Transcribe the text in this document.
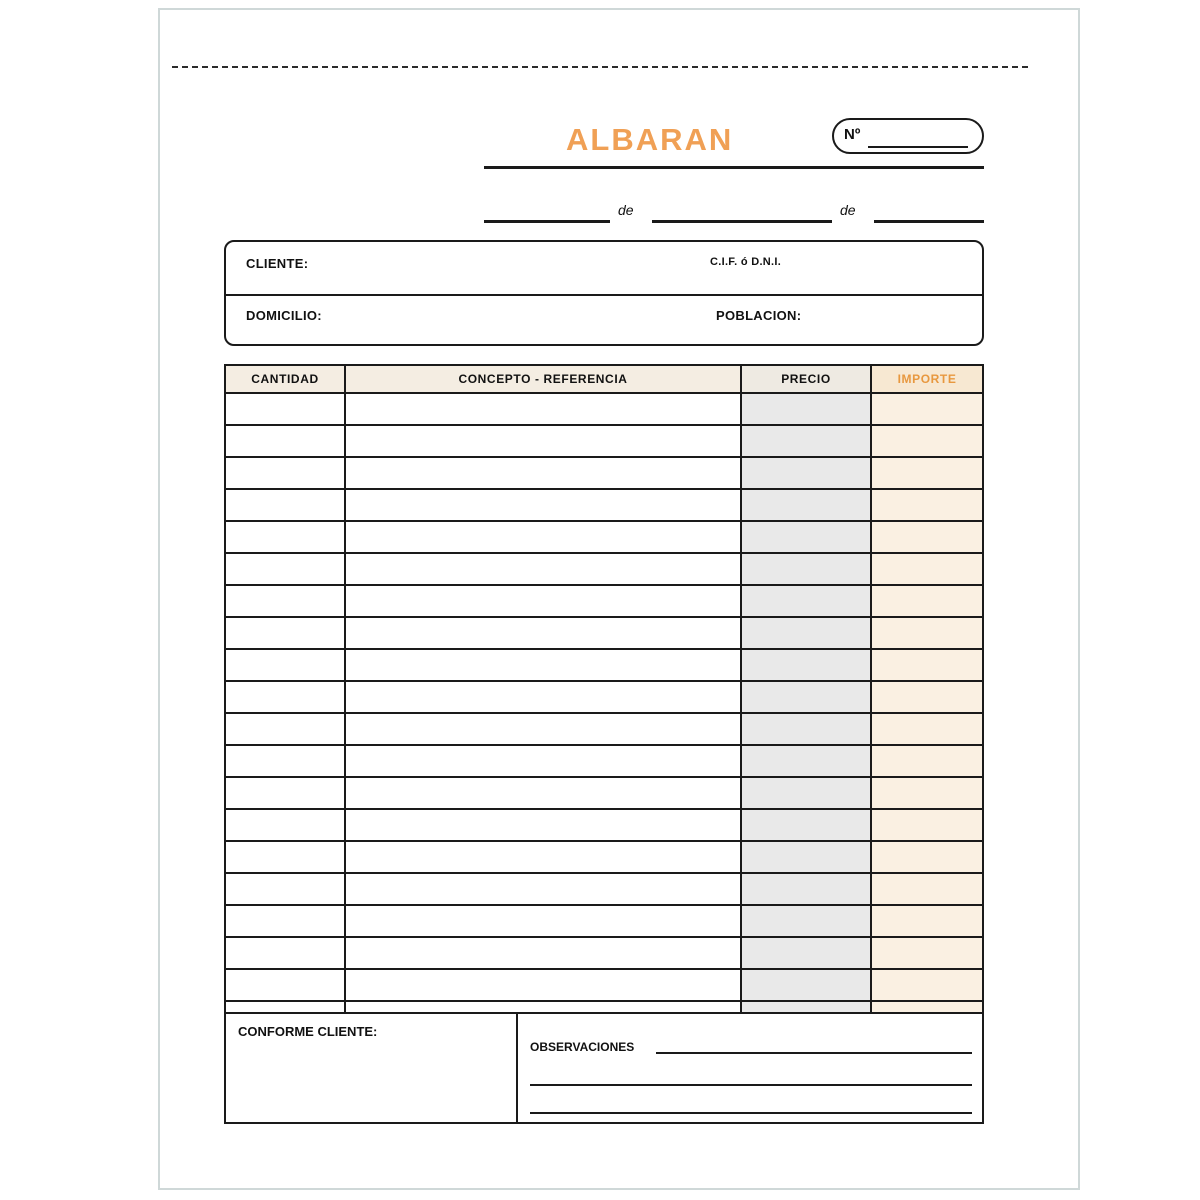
ALBARAN	Nº
de	de
CLIENTE:	C.I.F. ó D.N.I.
DOMICILIO:	POBLACION:
CANTIDAD	CONCEPTO - REFERENCIA	PRECIO	IMPORTE

CONFORME CLIENTE:
OBSERVACIONES
